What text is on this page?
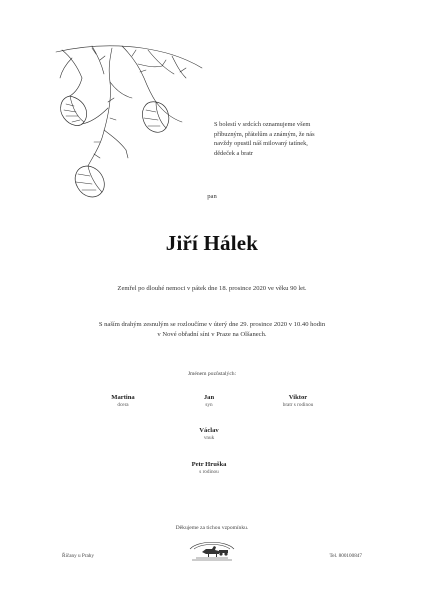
S bolestí v srdcích oznamujeme všem
příbuzným, přátelům a známým, že nás
navždy opustil náš milovaný tatínek,
dědeček a bratr
pan
Jiří Hálek
Zemřel po dlouhé nemoci v pátek dne 18. prosince 2020 ve věku 90 let.
S naším drahým zesnulým se rozloučíme v úterý dne 29. prosince 2020 v 10.40 hodin
v Nové obřadní síni v Praze na Olšanech.
Jménem pozůstalých:
Martina
dcera
Jan
syn
Viktor
bratr s rodinou
Václav
vnuk
Petr Hruška
s rodinou
Děkujeme za tichou vzpomínku.
Říčany u Prahy	Tel. 800100847
